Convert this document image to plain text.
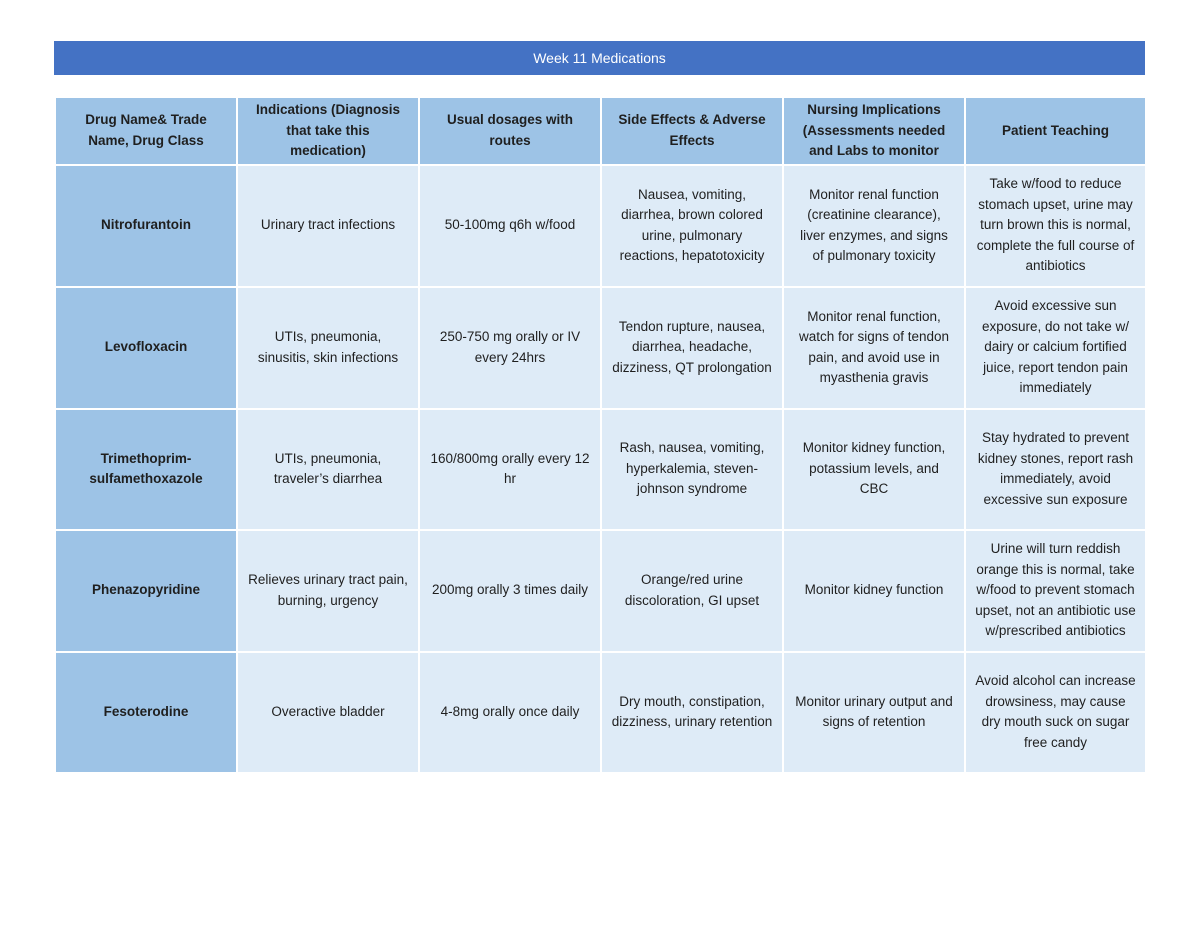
Week 11 Medications
Drug Name& Trade Name, Drug Class	Indications (Diagnosis that take this medication)	Usual dosages with routes	Side Effects & Adverse Effects	Nursing Implications (Assessments needed and Labs to monitor	Patient Teaching
Nitrofurantoin	Urinary tract infections	50-100mg q6h w/food	Nausea, vomiting, diarrhea, brown colored urine, pulmonary reactions, hepatotoxicity	Monitor renal function (creatinine clearance), liver enzymes, and signs of pulmonary toxicity	Take w/food to reduce stomach upset, urine may turn brown this is normal, complete the full course of antibiotics
Levofloxacin	UTIs, pneumonia, sinusitis, skin infections	250-750 mg orally or IV every 24hrs	Tendon rupture, nausea, diarrhea, headache, dizziness, QT prolongation	Monitor renal function, watch for signs of tendon pain, and avoid use in myasthenia gravis	Avoid excessive sun exposure, do not take w/ dairy or calcium fortified juice, report tendon pain immediately
Trimethoprim-sulfamethoxazole	UTIs, pneumonia, traveler’s diarrhea	160/800mg orally every 12 hr	Rash, nausea, vomiting, hyperkalemia, steven-johnson syndrome	Monitor kidney function, potassium levels, and CBC	Stay hydrated to prevent kidney stones, report rash immediately, avoid excessive sun exposure
Phenazopyridine	Relieves urinary tract pain, burning, urgency	200mg orally 3 times daily	Orange/red urine discoloration, GI upset	Monitor kidney function	Urine will turn reddish orange this is normal, take w/food to prevent stomach upset, not an antibiotic use w/prescribed antibiotics
Fesoterodine	Overactive bladder	4-8mg orally once daily	Dry mouth, constipation, dizziness, urinary retention	Monitor urinary output and signs of retention	Avoid alcohol can increase drowsiness, may cause dry mouth suck on sugar free candy
